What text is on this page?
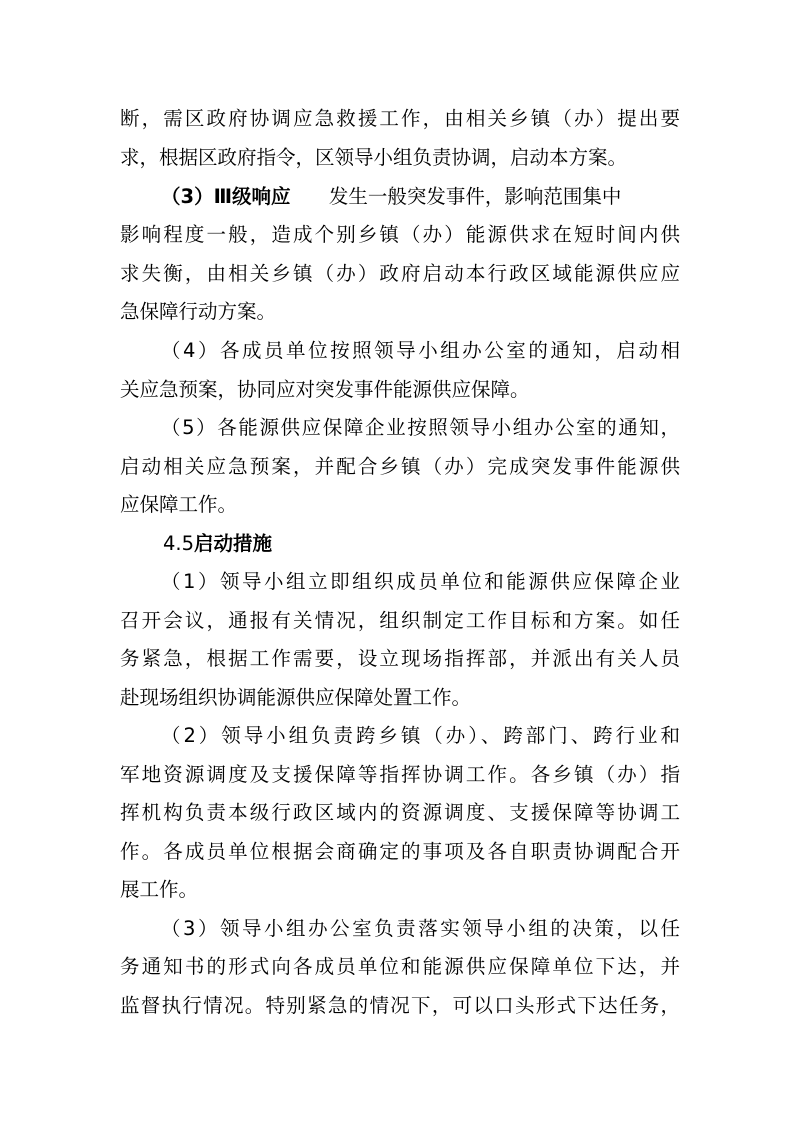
断，需区政府协调应急救援工作，由相关乡镇（办）提出要
求，根据区政府指令，区领导小组负责协调，启动本方案。
（3）Ⅲ级响应 发生一般突发事件，影响范围集中
影响程度一般，造成个别乡镇（办）能源供求在短时间内供
求失衡，由相关乡镇（办）政府启动本行政区域能源供应应
急保障行动方案。
（4）各成员单位按照领导小组办公室的通知，启动相
关应急预案，协同应对突发事件能源供应保障。
（5）各能源供应保障企业按照领导小组办公室的通知，
启动相关应急预案，并配合乡镇（办）完成突发事件能源供
应保障工作。
4.5启动措施
（1）领导小组立即组织成员单位和能源供应保障企业
召开会议，通报有关情况，组织制定工作目标和方案。如任
务紧急，根据工作需要，设立现场指挥部，并派出有关人员
赴现场组织协调能源供应保障处置工作。
（2）领导小组负责跨乡镇（办）、跨部门、跨行业和
军地资源调度及支援保障等指挥协调工作。各乡镇（办）指
挥机构负责本级行政区域内的资源调度、支援保障等协调工
作。各成员单位根据会商确定的事项及各自职责协调配合开
展工作。
（3）领导小组办公室负责落实领导小组的决策，以任
务通知书的形式向各成员单位和能源供应保障单位下达，并
监督执行情况。特别紧急的情况下，可以口头形式下达任务，
